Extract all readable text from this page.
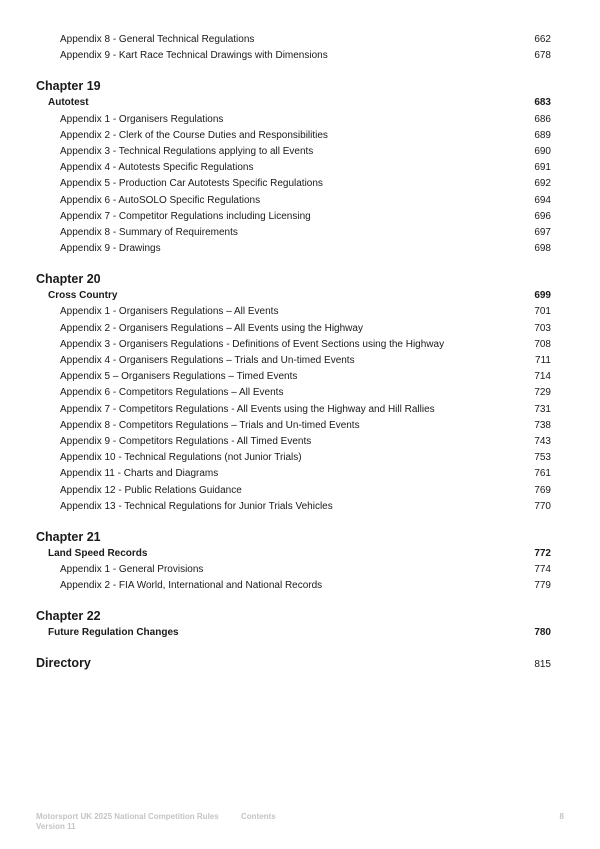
Appendix 8 - General Technical Regulations	662
Appendix 9 - Kart Race Technical Drawings with Dimensions	678
Chapter 19
Autotest	683
Appendix 1 - Organisers Regulations	686
Appendix 2 - Clerk of the Course Duties and Responsibilities	689
Appendix 3 - Technical Regulations applying to all Events	690
Appendix 4 - Autotests Specific Regulations	691
Appendix 5 - Production Car Autotests Specific Regulations	692
Appendix 6 - AutoSOLO Specific Regulations	694
Appendix 7 - Competitor Regulations including Licensing	696
Appendix 8 - Summary of Requirements	697
Appendix 9 - Drawings	698
Chapter 20
Cross Country	699
Appendix 1 - Organisers Regulations – All Events	701
Appendix 2 - Organisers Regulations – All Events using the Highway	703
Appendix 3 - Organisers Regulations - Definitions of Event Sections using the Highway	708
Appendix 4 - Organisers Regulations – Trials and Un-timed Events	711
Appendix 5 – Organisers Regulations – Timed Events	714
Appendix 6 - Competitors Regulations – All Events	729
Appendix 7 - Competitors Regulations - All Events using the Highway and Hill Rallies	731
Appendix 8 - Competitors Regulations – Trials and Un-timed Events	738
Appendix 9 - Competitors Regulations - All Timed Events	743
Appendix 10 - Technical Regulations (not Junior Trials)	753
Appendix 11 - Charts and Diagrams	761
Appendix 12 - Public Relations Guidance	769
Appendix 13 - Technical Regulations for Junior Trials Vehicles	770
Chapter 21
Land Speed Records	772
Appendix 1 - General Provisions	774
Appendix 2 - FIA World, International and National Records	779
Chapter 22
Future Regulation Changes	780
Directory	815
Motorsport UK 2025 National Competition Rules	Contents	8
Version 11
